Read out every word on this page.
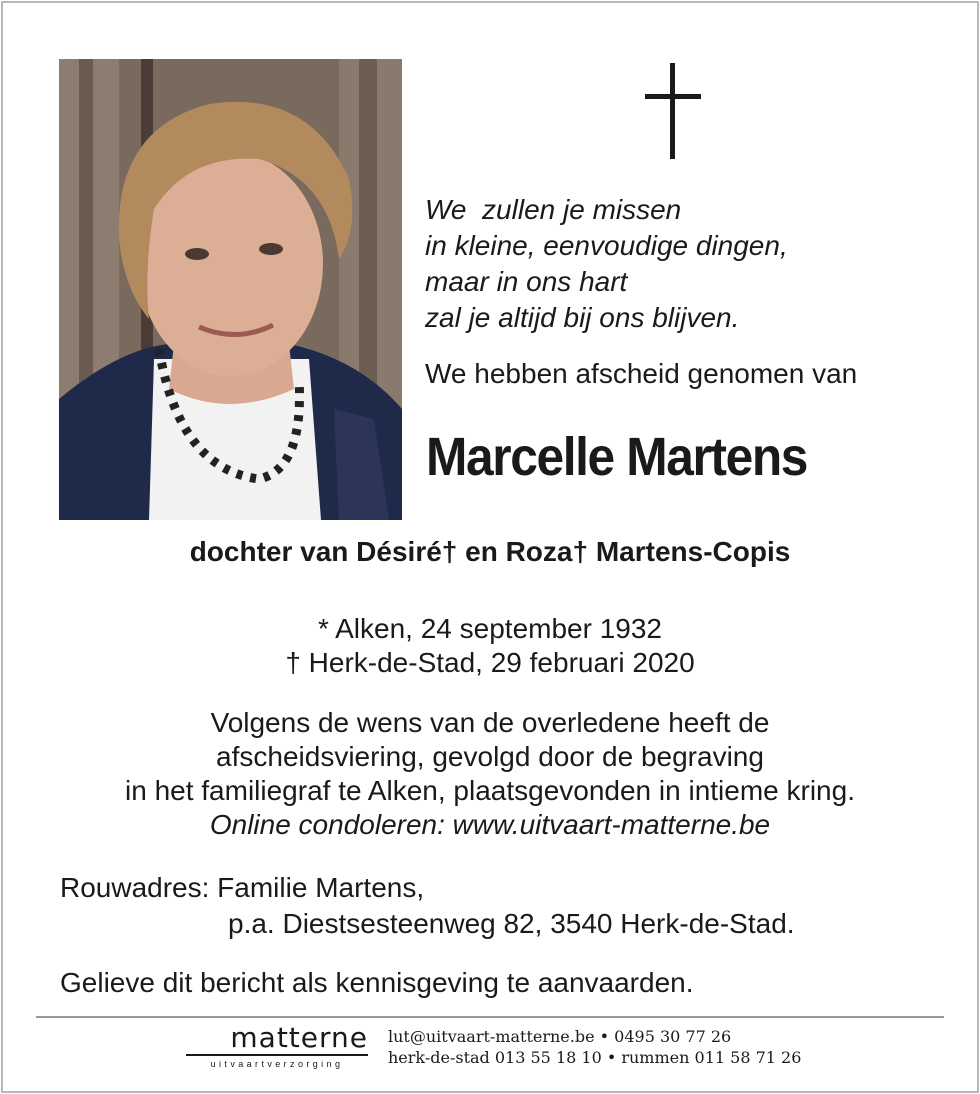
We  zullen je missen
in kleine, eenvoudige dingen,
maar in ons hart
zal je altijd bij ons blijven.
We hebben afscheid genomen van
Marcelle Martens
dochter van Désiré† en Roza† Martens-Copis
* Alken, 24 september 1932
† Herk-de-Stad, 29 februari 2020
Volgens de wens van de overledene heeft de
afscheidsviering, gevolgd door de begraving
in het familiegraf te Alken, plaatsgevonden in intieme kring.
Online condoleren: www.uitvaart-matterne.be
Rouwadres: Familie Martens,
p.a. Diestsesteenweg 82, 3540 Herk-de-Stad.
Gelieve dit bericht als kennisgeving te aanvaarden.
matterne
uitvaartverzorging
lut@uitvaart-matterne.be • 0495 30 77 26
herk-de-stad 013 55 18 10 • rummen 011 58 71 26
